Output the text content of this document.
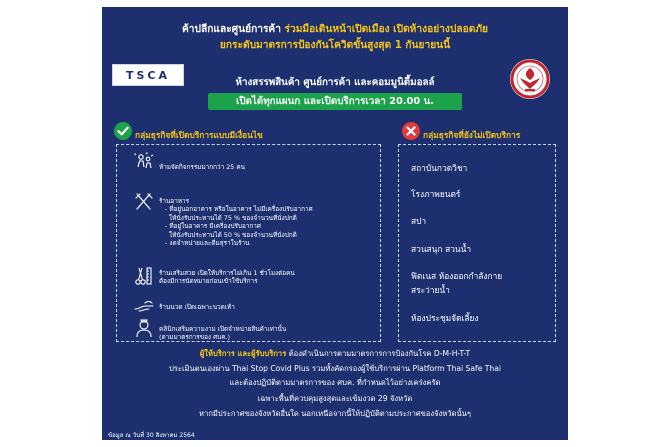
ค้าปลีกและศูนย์การค้า ร่วมมือเดินหน้าเปิดเมือง เปิดห้างอย่างปลอดภัย
ยกระดับมาตรการป้องกันโควิดขั้นสูงสุด 1 กันยายนนี้
TSCA
ห้างสรรพสินค้า ศูนย์การค้า และคอมมูนิตี้มอลล์
เปิดได้ทุกแผนก และเปิดบริการเวลา 20.00 น.
กลุ่มธุรกิจที่เปิดบริการแบบมีเงื่อนไข	กลุ่มธุรกิจที่ยังไม่เปิดบริการ
ห้ามจัดกิจกรรมมากกว่า 25 คน
ร้านอาหาร
- ที่อยู่นอกอาคาร หรือในอาคาร ไม่มีเครื่องปรับอากาศ
ให้นั่งรับประทานได้ 75 % ของจำนวนที่นั่งปกติ
- ที่อยู่ในอาคาร มีเครื่องปรับอากาศ
ให้นั่งรับประทานได้ 50 % ของจำนวนที่นั่งปกติ
- งดจำหน่ายและดื่มสุราในร้าน
ร้านเสริมสวย เปิดให้บริการไม่เกิน 1 ชั่วโมงต่อคน
ต้องมีการนัดหมายก่อนเข้าใช้บริการ
ร้านนวด เปิดเฉพาะนวดเท้า
คลินิกเสริมความงาม เปิดจำหน่ายสินค้าเท่านั้น
(ตามมาตรการของ ศบค.)
สถาบันกวดวิชา
โรงภาพยนตร์
สปา
สวนสนุก สวนน้ำ
ฟิตเนส ห้องออกกำลังกาย
สระว่ายน้ำ
ห้องประชุมจัดเลี้ยง
ผู้ให้บริการ และผู้รับบริการ ต้องดำเนินการตามมาตรการการป้องกันโรค D-M-H-T-T
ประเมินตนเองผ่าน Thai Stop Covid Plus รวมทั้งคัดกรองผู้ใช้บริการผ่าน Platform Thai Safe Thai
และต้องปฏิบัติตามมาตรการของ ศบค. ที่กำหนดไว้อย่างเคร่งครัด
เฉพาะพื้นที่ควบคุมสูงสุดและเข้มงวด 29 จังหวัด
หากมีประกาศของจังหวัดอื่นใด นอกเหนือจากนี้ให้ปฏิบัติตามประกาศของจังหวัดนั้นๆ
ข้อมูล ณ วันที่ 30 สิงหาคม 2564
